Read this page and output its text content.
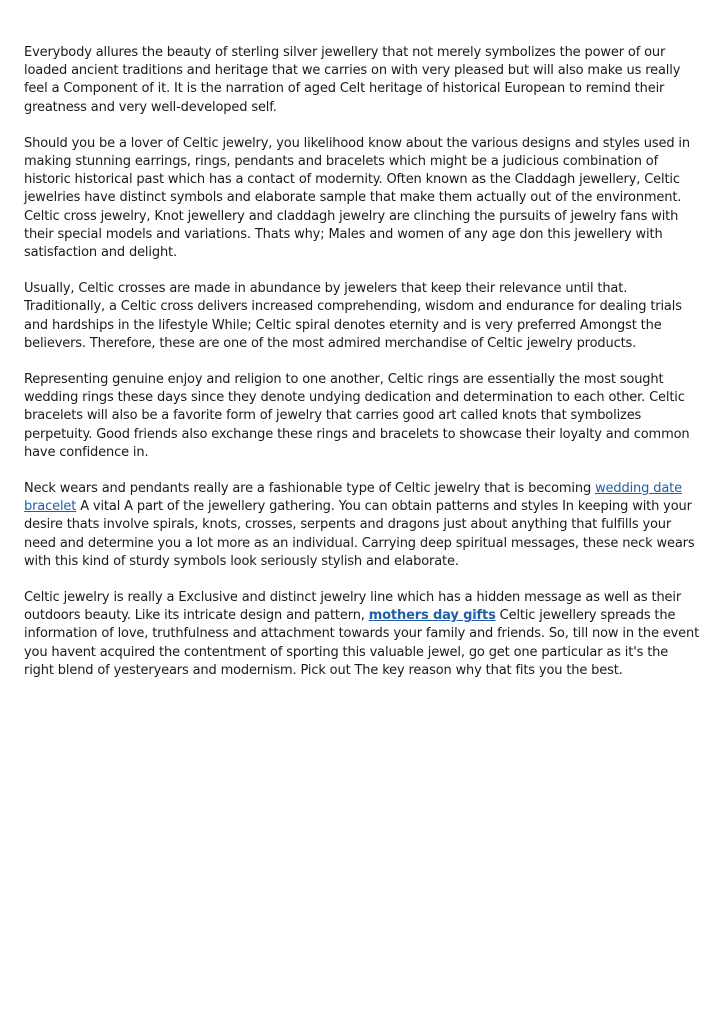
Everybody allures the beauty of sterling silver jewellery that not merely symbolizes the power of our loaded ancient traditions and heritage that we carries on with very pleased but will also make us really feel a Component of it. It is the narration of aged Celt heritage of historical European to remind their greatness and very well-developed self.

Should you be a lover of Celtic jewelry, you likelihood know about the various designs and styles used in making stunning earrings, rings, pendants and bracelets which might be a judicious combination of historic historical past which has a contact of modernity. Often known as the Claddagh jewellery, Celtic jewelries have distinct symbols and elaborate sample that make them actually out of the environment. Celtic cross jewelry, Knot jewellery and claddagh jewelry are clinching the pursuits of jewelry fans with their special models and variations. Thats why; Males and women of any age don this jewellery with satisfaction and delight.

Usually, Celtic crosses are made in abundance by jewelers that keep their relevance until that. Traditionally, a Celtic cross delivers increased comprehending, wisdom and endurance for dealing trials and hardships in the lifestyle While; Celtic spiral denotes eternity and is very preferred Amongst the believers. Therefore, these are one of the most admired merchandise of Celtic jewelry products.

Representing genuine enjoy and religion to one another, Celtic rings are essentially the most sought wedding rings these days since they denote undying dedication and determination to each other. Celtic bracelets will also be a favorite form of jewelry that carries good art called knots that symbolizes perpetuity. Good friends also exchange these rings and bracelets to showcase their loyalty and common have confidence in.

Neck wears and pendants really are a fashionable type of Celtic jewelry that is becoming wedding date bracelet A vital A part of the jewellery gathering. You can obtain patterns and styles In keeping with your desire thats involve spirals, knots, crosses, serpents and dragons just about anything that fulfills your need and determine you a lot more as an individual. Carrying deep spiritual messages, these neck wears with this kind of sturdy symbols look seriously stylish and elaborate.

Celtic jewelry is really a Exclusive and distinct jewelry line which has a hidden message as well as their outdoors beauty. Like its intricate design and pattern, mothers day gifts Celtic jewellery spreads the information of love, truthfulness and attachment towards your family and friends. So, till now in the event you havent acquired the contentment of sporting this valuable jewel, go get one particular as it's the right blend of yesteryears and modernism. Pick out The key reason why that fits you the best.
